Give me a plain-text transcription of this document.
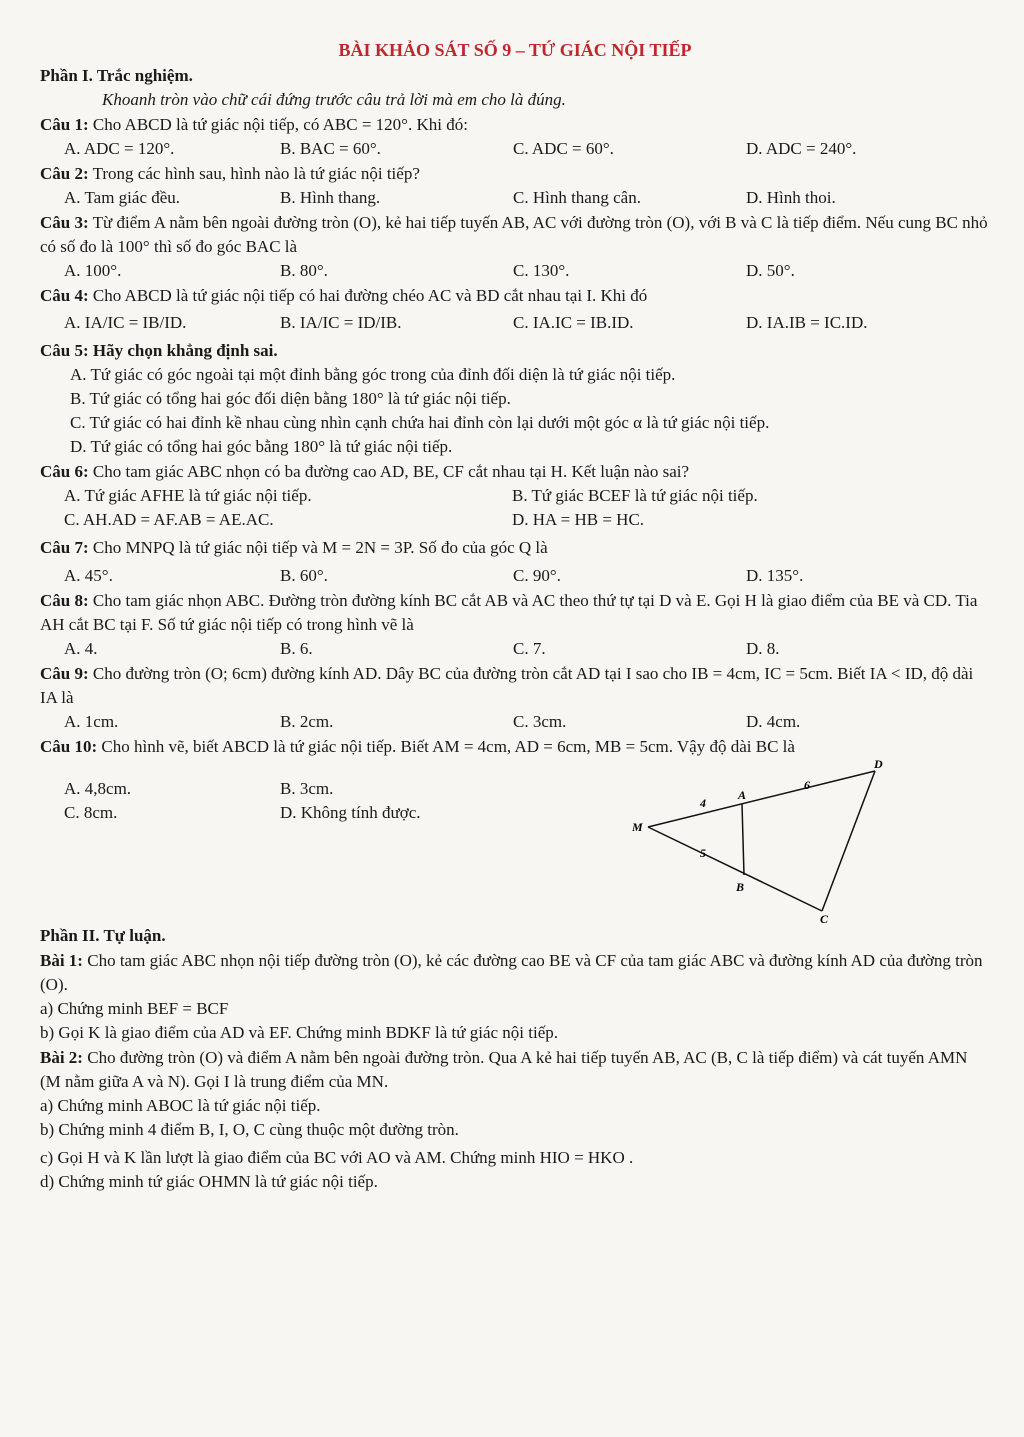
BÀI KHẢO SÁT SỐ 9 – TỨ GIÁC NỘI TIẾP
Phần I. Trắc nghiệm.
Khoanh tròn vào chữ cái đứng trước câu trả lời mà em cho là đúng.
Câu 1: Cho ABCD là tứ giác nội tiếp, có ABC = 120°. Khi đó:
A. ADC = 120°.	B. BAC = 60°.	C. ADC = 60°.	D. ADC = 240°.
Câu 2: Trong các hình sau, hình nào là tứ giác nội tiếp?
A. Tam giác đều.	B. Hình thang.	C. Hình thang cân.	D. Hình thoi.
Câu 3: Từ điểm A nằm bên ngoài đường tròn (O), kẻ hai tiếp tuyến AB, AC với đường tròn (O), với B và C là tiếp điểm. Nếu cung BC nhỏ có số đo là 100° thì số đo góc BAC là
A. 100°.	B. 80°.	C. 130°.	D. 50°.
Câu 4: Cho ABCD là tứ giác nội tiếp có hai đường chéo AC và BD cắt nhau tại I. Khi đó
A. IA/IC = IB/ID.	B. IA/IC = ID/IB.	C. IA.IC = IB.ID.	D. IA.IB = IC.ID.
Câu 5: Hãy chọn khẳng định sai.
A. Tứ giác có góc ngoài tại một đỉnh bằng góc trong của đỉnh đối diện là tứ giác nội tiếp.
B. Tứ giác có tổng hai góc đối diện bằng 180° là tứ giác nội tiếp.
C. Tứ giác có hai đỉnh kề nhau cùng nhìn cạnh chứa hai đỉnh còn lại dưới một góc α là tứ giác nội tiếp.
D. Tứ giác có tổng hai góc bằng 180° là tứ giác nội tiếp.
Câu 6: Cho tam giác ABC nhọn có ba đường cao AD, BE, CF cắt nhau tại H. Kết luận nào sai?
A. Tứ giác AFHE là tứ giác nội tiếp.	B. Tứ giác BCEF là tứ giác nội tiếp.
C. AH.AD = AF.AB = AE.AC.	D. HA = HB = HC.
Câu 7: Cho MNPQ là tứ giác nội tiếp và M = 2N = 3P. Số đo của góc Q là
A. 45°.	B. 60°.	C. 90°.	D. 135°.
Câu 8: Cho tam giác nhọn ABC. Đường tròn đường kính BC cắt AB và AC theo thứ tự tại D và E. Gọi H là giao điểm của BE và CD. Tia AH cắt BC tại F. Số tứ giác nội tiếp có trong hình vẽ là
A. 4.	B. 6.	C. 7.	D. 8.
Câu 9: Cho đường tròn (O; 6cm) đường kính AD. Dây BC của đường tròn cắt AD tại I sao cho IB = 4cm, IC = 5cm. Biết IA < ID, độ dài IA là
A. 1cm.	B. 2cm.	C. 3cm.	D. 4cm.
Câu 10: Cho hình vẽ, biết ABCD là tứ giác nội tiếp. Biết AM = 4cm, AD = 6cm, MB = 5cm. Vậy độ dài BC là
A. 4,8cm.	B. 3cm.
C. 8cm.	D. Không tính được.
M
A
D
B
C
4
6
5
Phần II. Tự luận.
Bài 1: Cho tam giác ABC nhọn nội tiếp đường tròn (O), kẻ các đường cao BE và CF của tam giác ABC và đường kính AD của đường tròn (O).
a) Chứng minh BEF = BCF
b) Gọi K là giao điểm của AD và EF. Chứng minh BDKF là tứ giác nội tiếp.
Bài 2: Cho đường tròn (O) và điểm A nằm bên ngoài đường tròn. Qua A kẻ hai tiếp tuyến AB, AC (B, C là tiếp điểm) và cát tuyến AMN (M nằm giữa A và N). Gọi I là trung điểm của MN.
a) Chứng minh ABOC là tứ giác nội tiếp.
b) Chứng minh 4 điểm B, I, O, C cùng thuộc một đường tròn.
c) Gọi H và K lần lượt là giao điểm của BC với AO và AM. Chứng minh HIO = HKO .
d) Chứng minh tứ giác OHMN là tứ giác nội tiếp.
